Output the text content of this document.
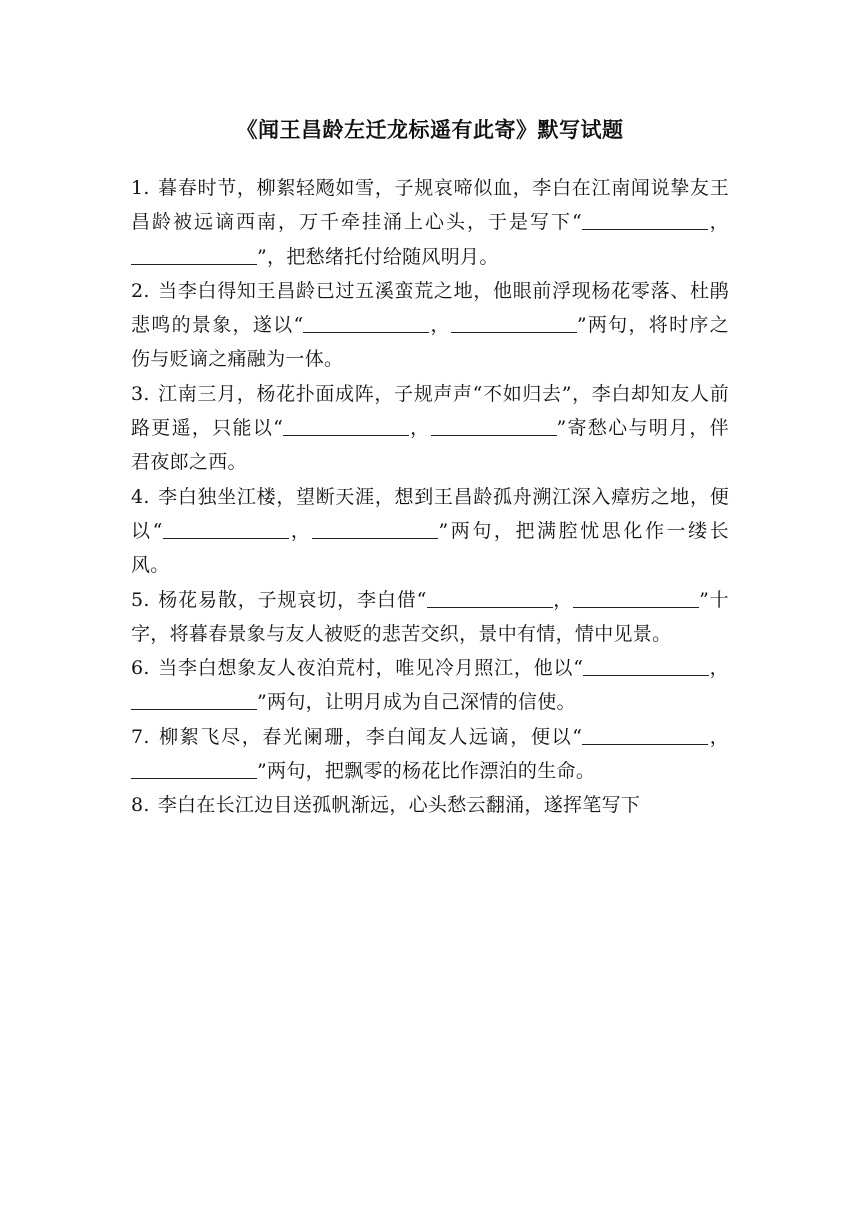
《闻王昌龄左迁龙标遥有此寄》默写试题

1. 暮春时节，柳絮轻飏如雪，子规哀啼似血，李白在江南闻说挚友王昌龄被远谪西南，万千牵挂涌上心头，于是写下“	，”，把愁绪托付给随风明月。

2. 当李白得知王昌龄已过五溪蛮荒之地，他眼前浮现杨花零落、杜鹃悲鸣的景象，遂以“	，	”两句，将时序之伤与贬谪之痛融为一体。

3. 江南三月，杨花扑面成阵，子规声声“不如归去”，李白却知友人前路更遥，只能以“	，	”寄愁心与明月，伴君夜郎之西。

4. 李白独坐江楼，望断天涯，想到王昌龄孤舟溯江深入瘴疠之地，便以“	，	”两句，把满腔忧思化作一缕长风。

5. 杨花易散，子规哀切，李白借“	，	”十字，将暮春景象与友人被贬的悲苦交织，景中有情，情中见景。

6. 当李白想象友人夜泊荒村，唯见冷月照江，他以“	，”两句，让明月成为自己深情的信使。

7. 柳絮飞尽，春光阑珊，李白闻友人远谪，便以“	，”两句，把飘零的杨花比作漂泊的生命。

8. 李白在长江边目送孤帆渐远，心头愁云翻涌，遂挥笔写下
